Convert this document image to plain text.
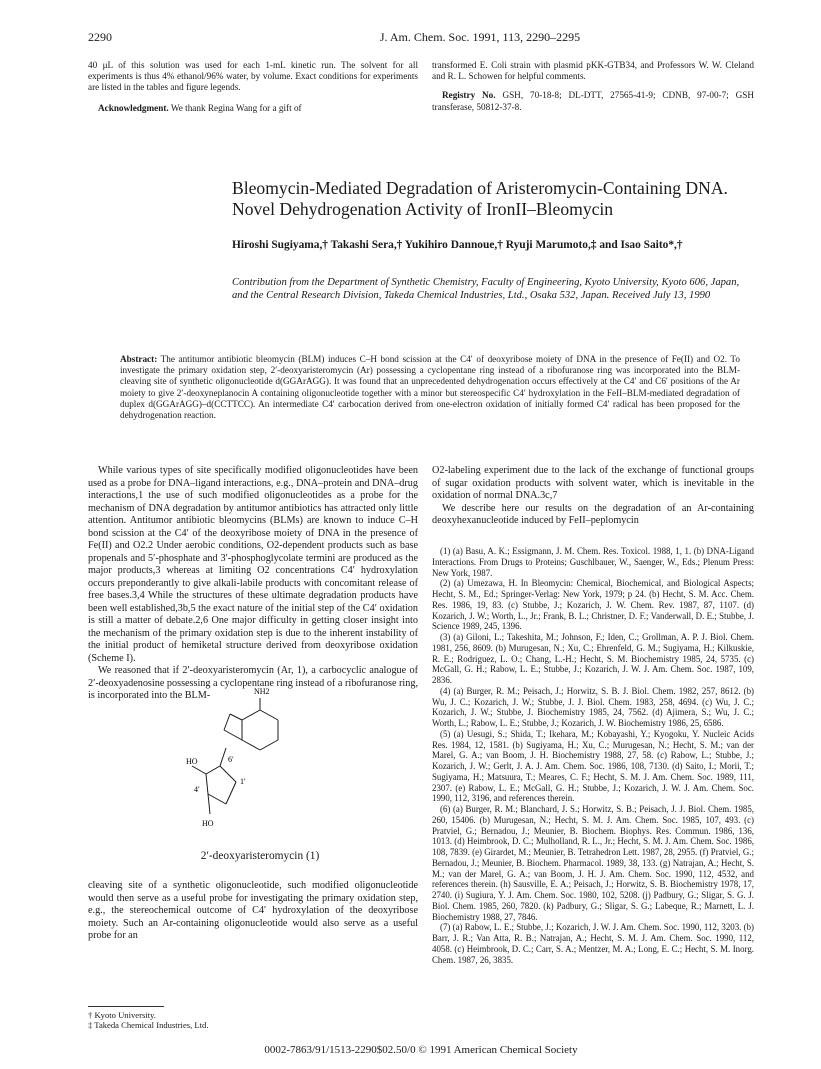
2290	J. Am. Chem. Soc. 1991, 113, 2290–2295

40 μL of this solution was used for each 1-mL kinetic run. The solvent for all experiments is thus 4% ethanol/96% water, by volume. Exact conditions for experiments are listed in the tables and figure legends.

Acknowledgment. We thank Regina Wang for a gift of

transformed E. Coli strain with plasmid pKK-GTB34, and Professors W. W. Cleland and R. L. Schowen for helpful comments.

Registry No. GSH, 70-18-8; DL-DTT, 27565-41-9; CDNB, 97-00-7; GSH transferase, 50812-37-8.

Bleomycin-Mediated Degradation of Aristeromycin-Containing DNA. Novel Dehydrogenation Activity of IronII–Bleomycin

Hiroshi Sugiyama,† Takashi Sera,† Yukihiro Dannoue,† Ryuji Marumoto,‡ and Isao Saito*,†

Contribution from the Department of Synthetic Chemistry, Faculty of Engineering, Kyoto University, Kyoto 606, Japan, and the Central Research Division, Takeda Chemical Industries, Ltd., Osaka 532, Japan. Received July 13, 1990

Abstract: The antitumor antibiotic bleomycin (BLM) induces C–H bond scission at the C4′ of deoxyribose moiety of DNA in the presence of Fe(II) and O2. To investigate the primary oxidation step, 2′-deoxyaristeromycin (Ar) possessing a cyclopentane ring instead of a ribofuranose ring was incorporated into the BLM-cleaving site of synthetic oligonucleotide d(GGArAGG). It was found that an unprecedented dehydrogenation occurs effectively at the C4′ and C6′ positions of the Ar moiety to give 2′-deoxyneplanocin A containing oligonucleotide together with a minor but stereospecific C4′ hydroxylation in the FeII–BLM-mediated degradation of duplex d(GGArAGG)–d(CCTTCC). An intermediate C4′ carbocation derived from one-electron oxidation of initially formed C4′ radical has been proposed for the dehydrogenation reaction.

While various types of site specifically modified oligonucleotides have been used as a probe for DNA–ligand interactions, e.g., DNA–protein and DNA–drug interactions,1 the use of such modified oligonucleotides as a probe for the mechanism of DNA degradation by antitumor antibiotics has attracted only little attention. Antitumor antibiotic bleomycins (BLMs) are known to induce C–H bond scission at the C4′ of the deoxyribose moiety of DNA in the presence of Fe(II) and O2.2 Under aerobic conditions, O2-dependent products such as base propenals and 5′-phosphate and 3′-phosphoglycolate termini are produced as the major products,3 whereas at limiting O2 concentrations C4′ hydroxylation occurs preponderantly to give alkali-labile products with concomitant release of free bases.3,4 While the structures of these ultimate degradation products have been well established,3b,5 the exact nature of the initial step of the C4′ oxidation is still a matter of debate.2,6 One major difficulty in getting closer insight into the mechanism of the primary oxidation step is due to the inherent instability of the initial product of hemiketal structure derived from deoxyribose oxidation (Scheme I).

We reasoned that if 2′-deoxyaristeromycin (Ar, 1), a carbocyclic analogue of 2′-deoxyadenosine possessing a cyclopentane ring instead of a ribofuranose ring, is incorporated into the BLM-	NH2
HO
HO
4′
6′
1′
2′-deoxyaristeromycin (1)

cleaving site of a synthetic oligonucleotide, such modified oligonucleotide would then serve as a useful probe for investigating the primary oxidation step, e.g., the stereochemical outcome of C4′ hydroxylation of the deoxyribose moiety. Such an Ar-containing oligonucleotide would also serve as a useful probe for an

O2-labeling experiment due to the lack of the exchange of functional groups of sugar oxidation products with solvent water, which is inevitable in the oxidation of normal DNA.3c,7

We describe here our results on the degradation of an Ar-containing deoxyhexanucleotide induced by FeII–peplomycin

(1) (a) Basu, A. K.; Essigmann, J. M. Chem. Res. Toxicol. 1988, 1, 1. (b) DNA-Ligand Interactions. From Drugs to Proteins; Guschlbauer, W., Saenger, W., Eds.; Plenum Press: New York, 1987.

(2) (a) Umezawa, H. In Bleomycin: Chemical, Biochemical, and Biological Aspects; Hecht, S. M., Ed.; Springer-Verlag: New York, 1979; p 24. (b) Hecht, S. M. Acc. Chem. Res. 1986, 19, 83. (c) Stubbe, J.; Kozarich, J. W. Chem. Rev. 1987, 87, 1107. (d) Kozarich, J. W.; Worth, L., Jr.; Frank, B. L.; Christner, D. F.; Vanderwall, D. E.; Stubbe, J. Science 1989, 245, 1396.

(3) (a) Giloni, L.; Takeshita, M.; Johnson, F.; Iden, C.; Grollman, A. P. J. Biol. Chem. 1981, 256, 8609. (b) Murugesan, N.; Xu, C.; Ehrenfeld, G. M.; Sugiyama, H.; Kilkuskie, R. E.; Rodriguez, L. O.; Chang, L.-H.; Hecht, S. M. Biochemistry 1985, 24, 5735. (c) McGall, G. H.; Rabow, L. E.; Stubbe, J.; Kozarich, J. W. J. Am. Chem. Soc. 1987, 109, 2836.

(4) (a) Burger, R. M.; Peisach, J.; Horwitz, S. B. J. Biol. Chem. 1982, 257, 8612. (b) Wu, J. C.; Kozarich, J. W.; Stubbe, J. J. Biol. Chem. 1983, 258, 4694. (c) Wu, J. C.; Kozarich, J. W.; Stubbe, J. Biochemistry 1985, 24, 7562. (d) Ajimera, S.; Wu, J. C.; Worth, L.; Rabow, L. E.; Stubbe, J.; Kozarich, J. W. Biochemistry 1986, 25, 6586.

(5) (a) Uesugi, S.; Shida, T.; Ikehara, M.; Kobayashi, Y.; Kyogoku, Y. Nucleic Acids Res. 1984, 12, 1581. (b) Sugiyama, H.; Xu, C.; Murugesan, N.; Hecht, S. M.; van der Marel, G. A.; van Boom, J. H. Biochemistry 1988, 27, 58. (c) Rabow, L.; Stubbe, J.; Kozarich, J. W.; Gerlt, J. A. J. Am. Chem. Soc. 1986, 108, 7130. (d) Saito, I.; Morii, T.; Sugiyama, H.; Matsuura, T.; Meares, C. F.; Hecht, S. M. J. Am. Chem. Soc. 1989, 111, 2307. (e) Rabow, L. E.; McGall, G. H.; Stubbe, J.; Kozarich, J. W. J. Am. Chem. Soc. 1990, 112, 3196, and references therein.

(6) (a) Burger, R. M.; Blanchard, J. S.; Horwitz, S. B.; Peisach, J. J. Biol. Chem. 1985, 260, 15406. (b) Murugesan, N.; Hecht, S. M. J. Am. Chem. Soc. 1985, 107, 493. (c) Pratviel, G.; Bernadou, J.; Meunier, B. Biochem. Biophys. Res. Commun. 1986, 136, 1013. (d) Heimbrook, D. C.; Mulholland, R. L., Jr.; Hecht, S. M. J. Am. Chem. Soc. 1986, 108, 7839. (e) Girardet, M.; Meunier, B. Tetrahedron Lett. 1987, 28, 2955. (f) Pratviel, G.; Bernadou, J.; Meunier, B. Biochem. Pharmacol. 1989, 38, 133. (g) Natrajan, A.; Hecht, S. M.; van der Marel, G. A.; van Boom, J. H. J. Am. Chem. Soc. 1990, 112, 4532, and references therein. (h) Sausville, E. A.; Peisach, J.; Horwitz, S. B. Biochemistry 1978, 17, 2740. (i) Sugiura, Y. J. Am. Chem. Soc. 1980, 102, 5208. (j) Padbury, G.; Sligar, S. G. J. Biol. Chem. 1985, 260, 7820. (k) Padbury, G.; Sligar, S. G.; Labeque, R.; Marnett, L. J. Biochemistry 1988, 27, 7846.

(7) (a) Rabow, L. E.; Stubbe, J.; Kozarich, J. W. J. Am. Chem. Soc. 1990, 112, 3203. (b) Barr, J. R.; Van Atta, R. B.; Natrajan, A.; Hecht, S. M. J. Am. Chem. Soc. 1990, 112, 4058. (c) Heimbrook, D. C.; Carr, S. A.; Mentzer, M. A.; Long, E. C.; Hecht, S. M. Inorg. Chem. 1987, 26, 3835.

† Kyoto University.

‡ Takeda Chemical Industries, Ltd.

0002-7863/91/1513-2290$02.50/0 © 1991 American Chemical Society
